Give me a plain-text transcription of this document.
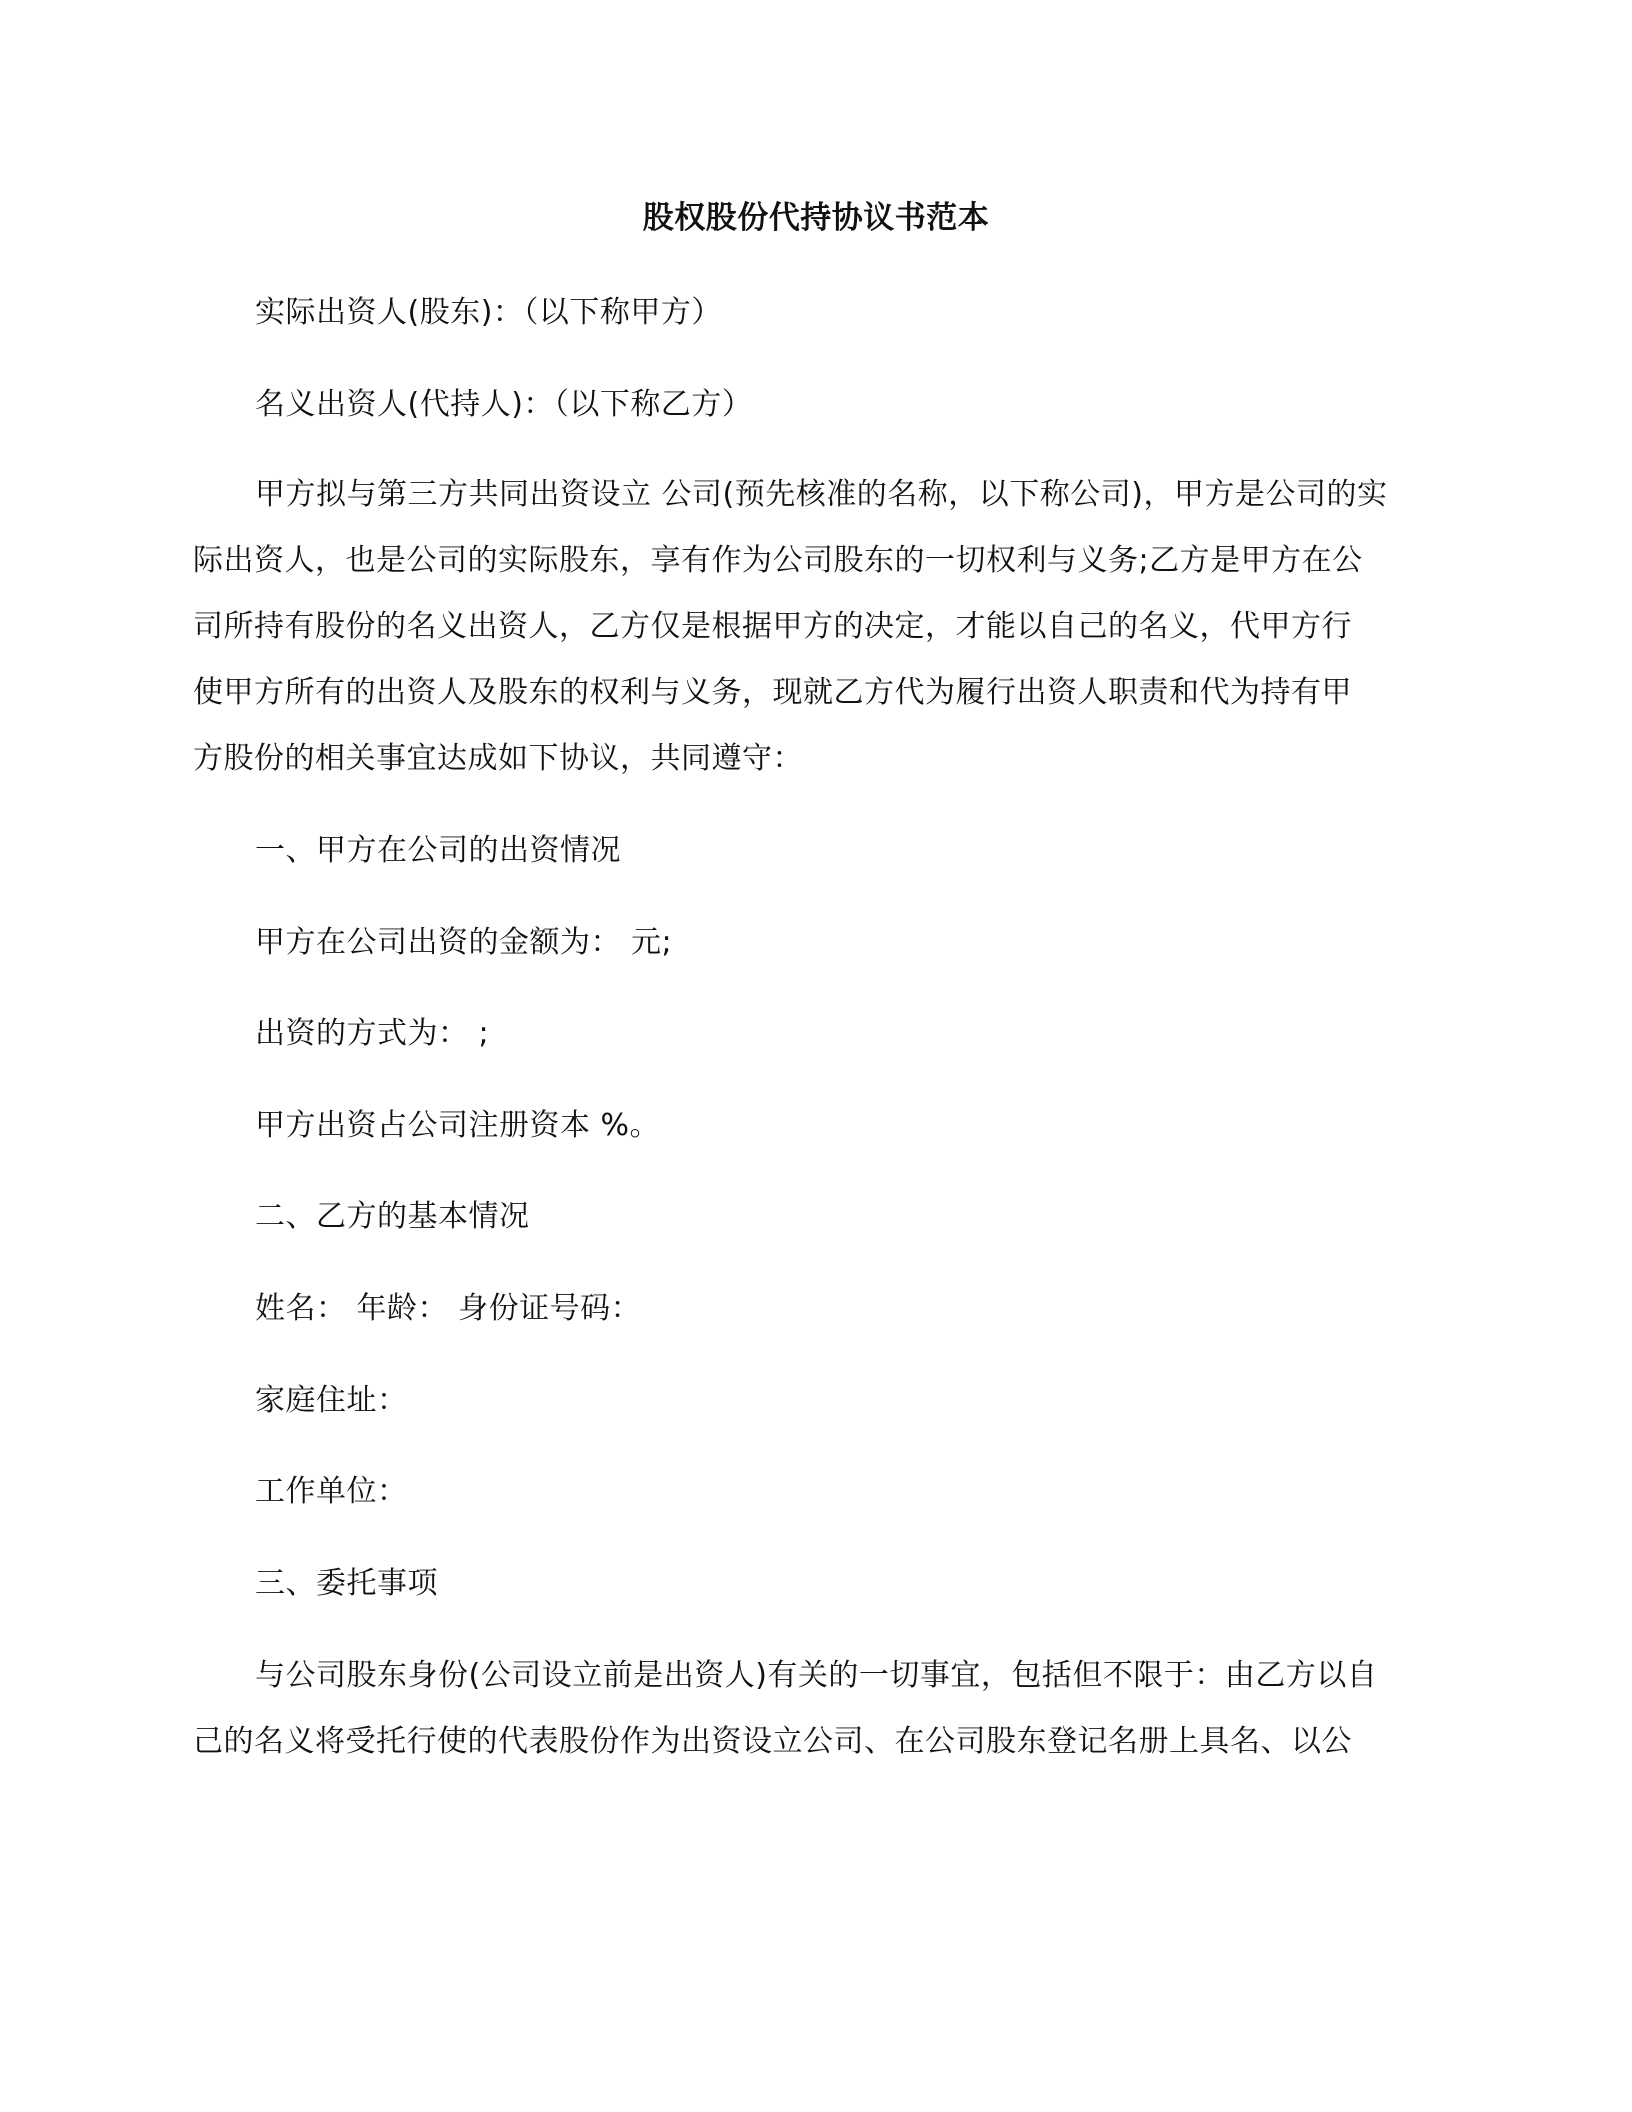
股权股份代持协议书范本
实际出资人(股东)：（以下称甲方）
名义出资人(代持人)：（以下称乙方）
甲方拟与第三方共同出资设立 公司(预先核准的名称，以下称公司)，甲方是公司的实
际出资人，也是公司的实际股东，享有作为公司股东的一切权利与义务;乙方是甲方在公
司所持有股份的名义出资人，乙方仅是根据甲方的决定，才能以自己的名义，代甲方行
使甲方所有的出资人及股东的权利与义务，现就乙方代为履行出资人职责和代为持有甲
方股份的相关事宜达成如下协议，共同遵守：
一、甲方在公司的出资情况
甲方在公司出资的金额为： 元;
出资的方式为： ;
甲方出资占公司注册资本 %。
二、乙方的基本情况
姓名： 年龄： 身份证号码：
家庭住址：
工作单位：
三、委托事项
与公司股东身份(公司设立前是出资人)有关的一切事宜，包括但不限于：由乙方以自
己的名义将受托行使的代表股份作为出资设立公司、在公司股东登记名册上具名、以公
